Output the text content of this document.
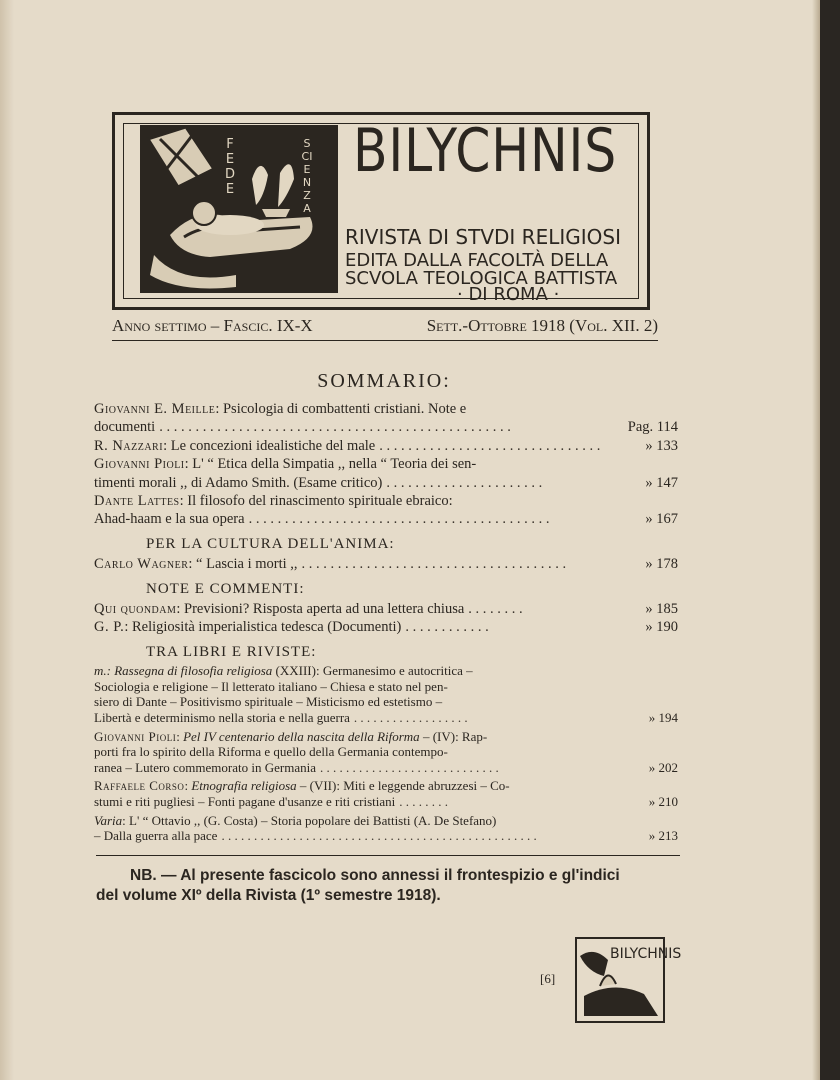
FEDE
SCIENZA
BILYCHNIS
RIVISTA DI STVDI RELIGIOSI
EDITA DALLA FACOLTÀ DELLA
SCVOLA TEOLOGICA BATTISTA
· DI ROMA ·
Anno settimo – Fascic. IX-X	Sett.-Ottobre 1918 (Vol. XII. 2)
SOMMARIO:
Giovanni E. Meille: Psicologia di combattenti cristiani. Note e
documenti . . . . . . . . . . . . . . . . . . . . . . . . . . . . . . . . . . . . . . . . . . . . . . . . .	Pag. 114
R. Nazzari: Le concezioni idealistiche del male . . . . . . . . . . . . . . . . . . . . . . . . . . . . . . .	» 133
Giovanni Pioli: L' “ Etica della Simpatia ,, nella “ Teoria dei sen-
timenti morali ,, di Adamo Smith. (Esame critico) . . . . . . . . . . . . . . . . . . . . . .	» 147
Dante Lattes: Il filosofo del rinascimento spirituale ebraico:
Ahad-haam e la sua opera . . . . . . . . . . . . . . . . . . . . . . . . . . . . . . . . . . . . . . . . . .	» 167
PER LA CULTURA DELL'ANIMA:
Carlo Wagner: “ Lascia i morti ,, . . . . . . . . . . . . . . . . . . . . . . . . . . . . . . . . . . . . .	» 178
NOTE E COMMENTI:
Qui quondam: Previsioni? Risposta aperta ad una lettera chiusa . . . . . . . .	» 185
G. P.: Religiosità imperialistica tedesca (Documenti) . . . . . . . . . . . .	» 190
TRA LIBRI E RIVISTE:
m.: Rassegna di filosofia religiosa (XXIII): Germanesimo e autocritica –
Sociologia e religione – Il letterato italiano – Chiesa e stato nel pen-
siero di Dante – Positivismo spirituale – Misticismo ed estetismo –
Libertà e determinismo nella storia e nella guerra . . . . . . . . . . . . . . . . . .	» 194
Giovanni Pioli: Pel IV centenario della nascita della Riforma – (IV): Rap-
porti fra lo spirito della Riforma e quello della Germania contempo-
ranea – Lutero commemorato in Germania . . . . . . . . . . . . . . . . . . . . . . . . . . . .	» 202
Raffaele Corso: Etnografia religiosa – (VII): Miti e leggende abruzzesi – Co-
stumi e riti pugliesi – Fonti pagane d'usanze e riti cristiani . . . . . . . .	» 210
Varia: L' “ Ottavio ,, (G. Costa) – Storia popolare dei Battisti (A. De Stefano)
– Dalla guerra alla pace . . . . . . . . . . . . . . . . . . . . . . . . . . . . . . . . . . . . . . . . . . . . . . . . .	» 213
NB. — Al presente fascicolo sono annessi il frontespizio e gl'indici
del volume XIº della Rivista (1º semestre 1918).
[6]
BILYCHNIS
